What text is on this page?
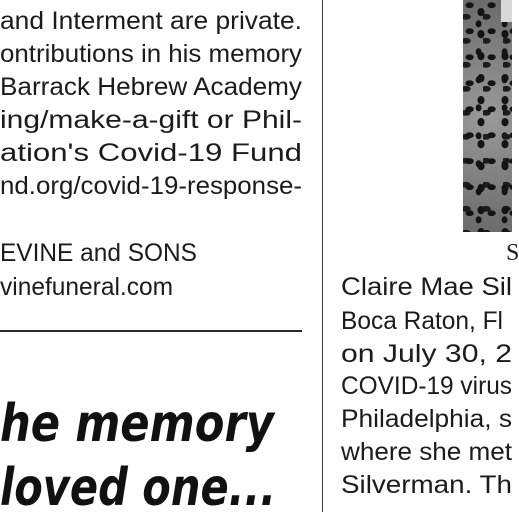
and Interment are private.
ontributions in his memory
Barrack Hebrew Academy
ing/make-a-gift or Phil-
ation's Covid-19 Fund
nd.org/covid-19-response-
EVINE and SONS
vinefuneral.com
he memory
loved one...
S
Claire Mae Sil
Boca Raton, Fl
on July 30, 2
COVID-19 virus
Philadelphia, s
where she met
Silverman. Th
